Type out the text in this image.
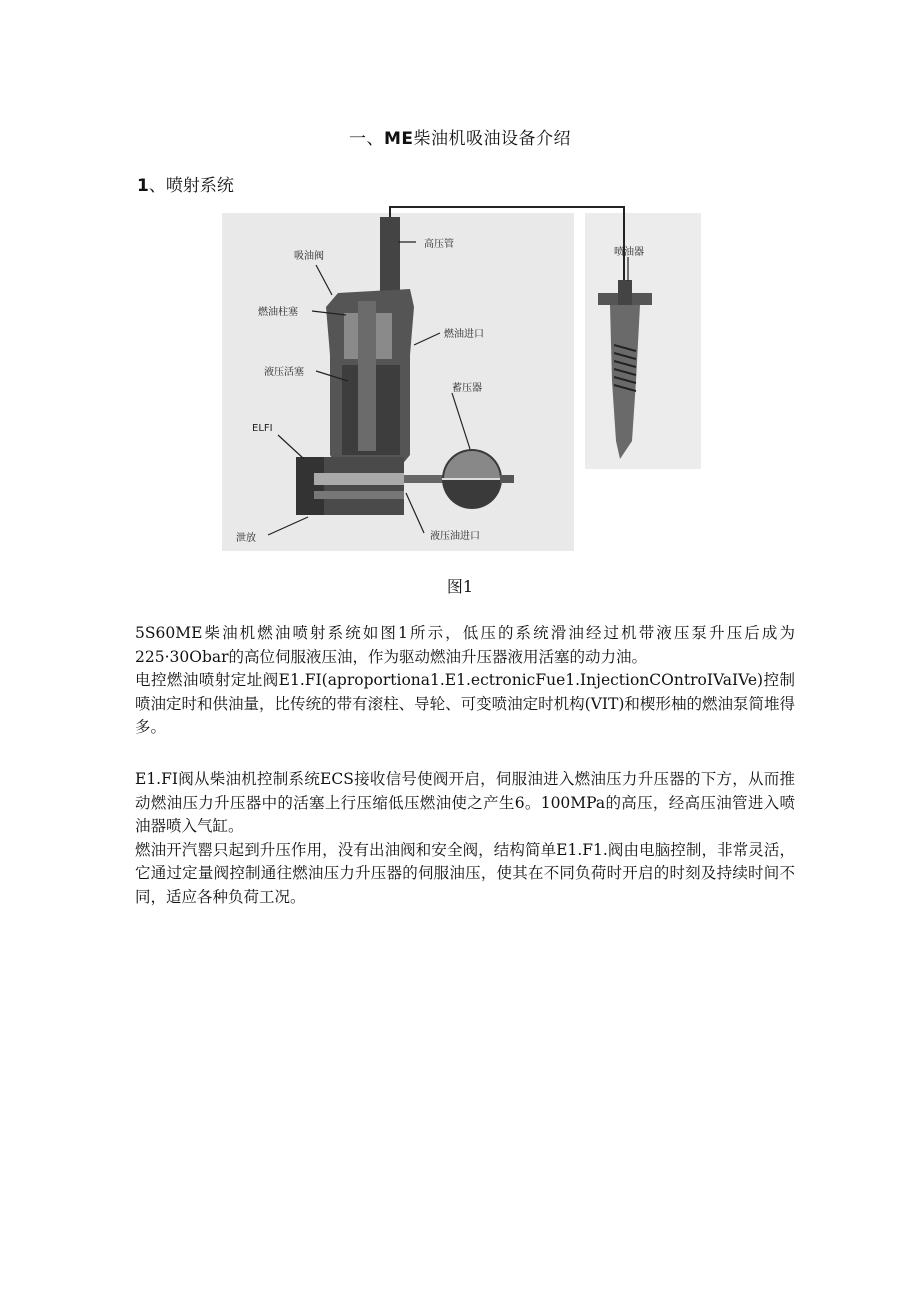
一、ME柴油机吸油设备介绍
1、喷射系统
高压管
吸油阀
燃油柱塞
燃油进口
液压活塞
蓄压器
ELFI
泄放	液压油进口
喷油器
图1

5S60ME柴油机燃油喷射系统如图1所示，低压的系统滑油经过机带液压泵升压后成为225·30Obar的高位伺服液压油，作为驱动燃油升压器液用活塞的动力油。

电控燃油喷射定址阀E1.FI(aproportiona1.E1.ectronicFue1.InjectionCOntroIVaIVe)控制喷油定时和供油量，比传统的带有滚柱、导轮、可变喷油定时机构(VIT)和楔形柚的燃油泵简堆得多。

E1.FI阀从柴油机控制系统ECS接收信号使阀开启，伺服油进入燃油压力升压器的下方，从而推动燃油压力升压器中的活塞上行压缩低压燃油使之产生6。100MPa的高压，经高压油管进入喷油器喷入气缸。

燃油开汽罂只起到升压作用，没有出油阀和安全阀，结构简单E1.F1.阀由电脑控制，非常灵活，它通过定量阀控制通往燃油压力升压器的伺服油压，使其在不同负荷时开启的时刻及持续时间不同，适应各种负荷工况。
